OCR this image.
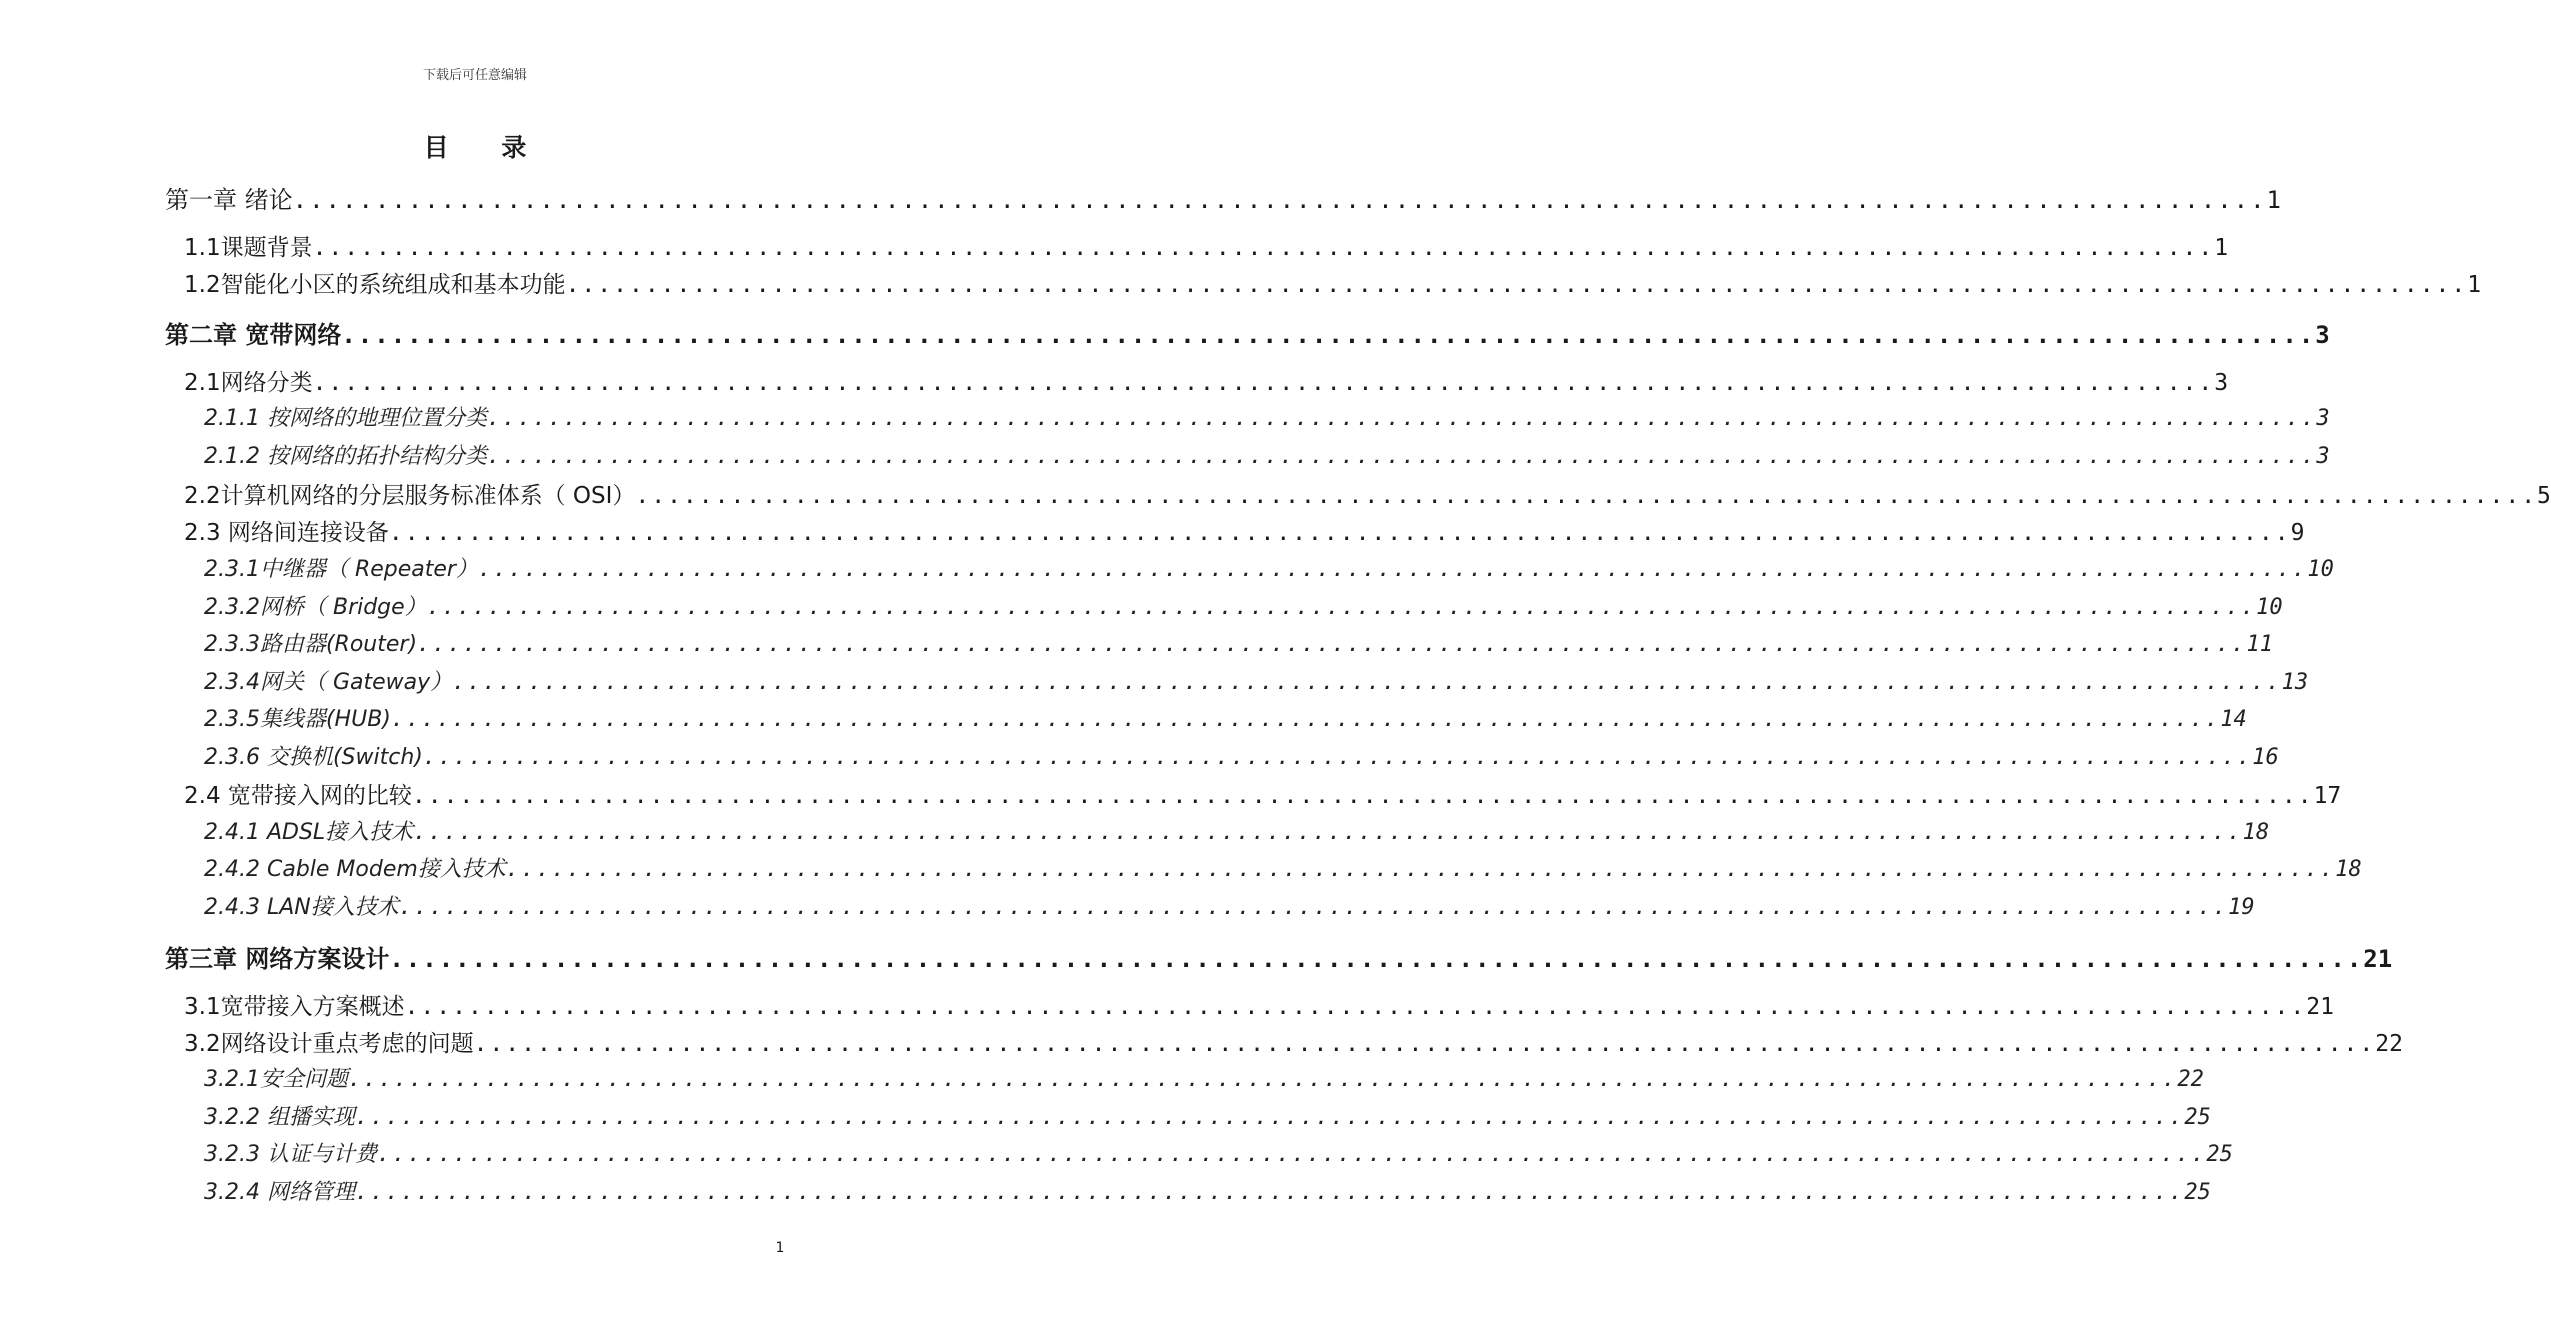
下载后可任意编辑
目 录
第一章 绪论 ........................................................................................................................ 1
1.1课题背景 ........................................................................................................................ 1
1.2智能化小区的系统组成和基本功能 ........................................................................................................................ 1
第二章 宽带网络 ........................................................................................................................ 3
2.1网络分类 ........................................................................................................................ 3
2.1.1 按网络的地理位置分类 ........................................................................................................................ 3
2.1.2 按网络的拓扑结构分类 ........................................................................................................................ 3
2.2计算机网络的分层服务标准体系（ OSI） ........................................................................................................................ 5
2.3 网络间连接设备 ........................................................................................................................ 9
2.3.1中继器（ Repeater） ........................................................................................................................ 10
2.3.2网桥（ Bridge） ........................................................................................................................ 10
2.3.3路由器(Router) ........................................................................................................................ 11
2.3.4网关（ Gateway） ........................................................................................................................ 13
2.3.5集线器(HUB) ........................................................................................................................ 14
2.3.6 交换机(Switch) ........................................................................................................................ 16
2.4 宽带接入网的比较 ........................................................................................................................ 17
2.4.1 ADSL接入技术 ........................................................................................................................ 18
2.4.2 Cable Modem接入技术 ........................................................................................................................ 18
2.4.3 LAN接入技术 ........................................................................................................................ 19
第三章 网络方案设计 ........................................................................................................................ 21
3.1宽带接入方案概述 ........................................................................................................................ 21
3.2网络设计重点考虑的问题 ........................................................................................................................ 22
3.2.1安全问题 ........................................................................................................................ 22
3.2.2 组播实现 ........................................................................................................................ 25
3.2.3 认证与计费 ........................................................................................................................ 25
3.2.4 网络管理 ........................................................................................................................ 25
1
